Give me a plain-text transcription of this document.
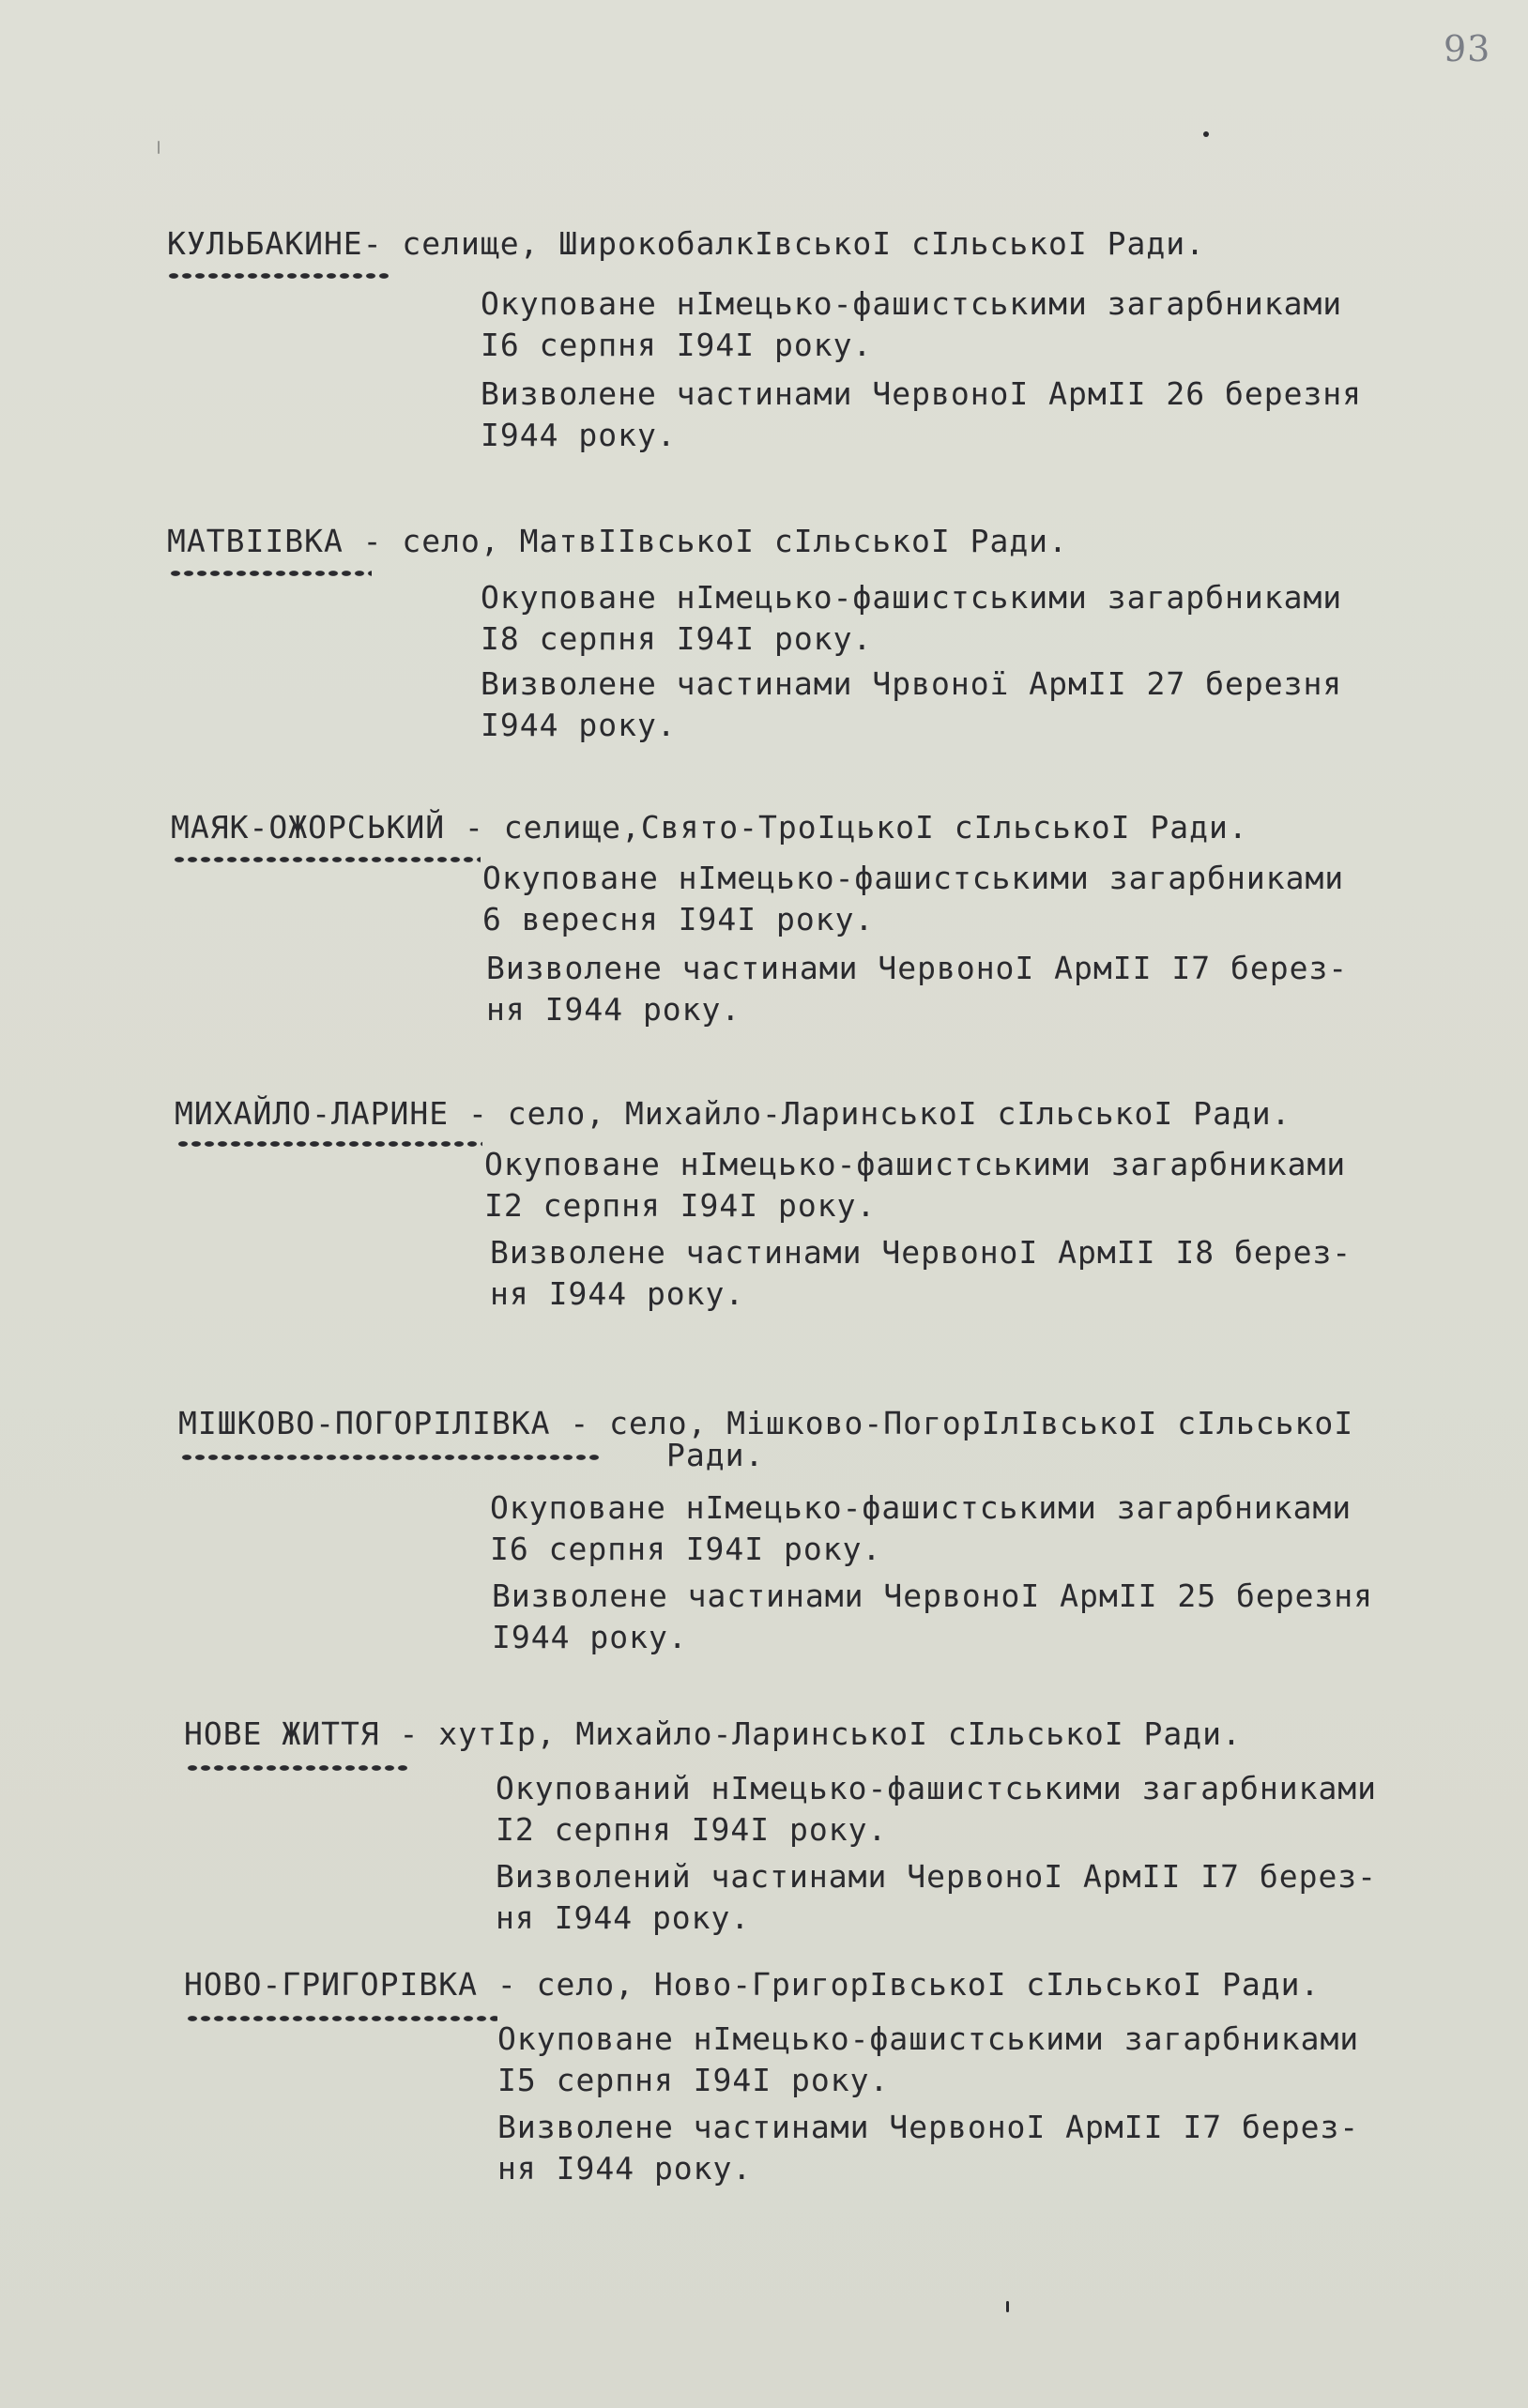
93
КУЛЬБАКИНЕ- селище, ШирокобалкIвськоI сIльськоI Ради.
Окуповане нIмецько-фашистськими загарбниками
I6 серпня I94I року.
Визволене частинами ЧервоноI АрмII 26 березня
I944 року.
МАТВIIВКА - село, МатвIIвськоI сIльськоI Ради.
Окуповане нIмецько-фашистськими загарбниками
I8 серпня I94I року.
Визволене частинами Чрвоної АрмII 27 березня
I944 року.
МАЯК-ОЖОРСЬКИЙ - селище,Свято-ТроIцькоI сIльськоI Ради.
Окуповане нIмецько-фашистськими загарбниками
6 вересня I94I року.
Визволене частинами ЧервоноI АрмII I7 берез-
ня I944 року.
МИХАЙЛО-ЛАРИНЕ - село, Михайло-ЛаринськоI сIльськоI Ради.
Окуповане нIмецько-фашистськими загарбниками
I2 серпня I94I року.
Визволене частинами ЧервоноI АрмII I8 берез-
ня I944 року.
МIШКОВО-ПОГОРIЛIВКА - село, Мiшково-ПогорIлIвськоI сIльськоI
Ради.
Окуповане нIмецько-фашистськими загарбниками
I6 серпня I94I року.
Визволене частинами ЧервоноI АрмII 25 березня
I944 року.
НОВЕ ЖИТТЯ - хутIр, Михайло-ЛаринськоI сIльськоI Ради.
Окупований нIмецько-фашистськими загарбниками
I2 серпня I94I року.
Визволений частинами ЧервоноI АрмII I7 берез-
ня I944 року.
НОВО-ГРИГОРIВКА - село, Ново-ГригорIвськоI сIльськоI Ради.
Окуповане нIмецько-фашистськими загарбниками
I5 серпня I94I року.
Визволене частинами ЧервоноI АрмII I7 берез-
ня I944 року.
